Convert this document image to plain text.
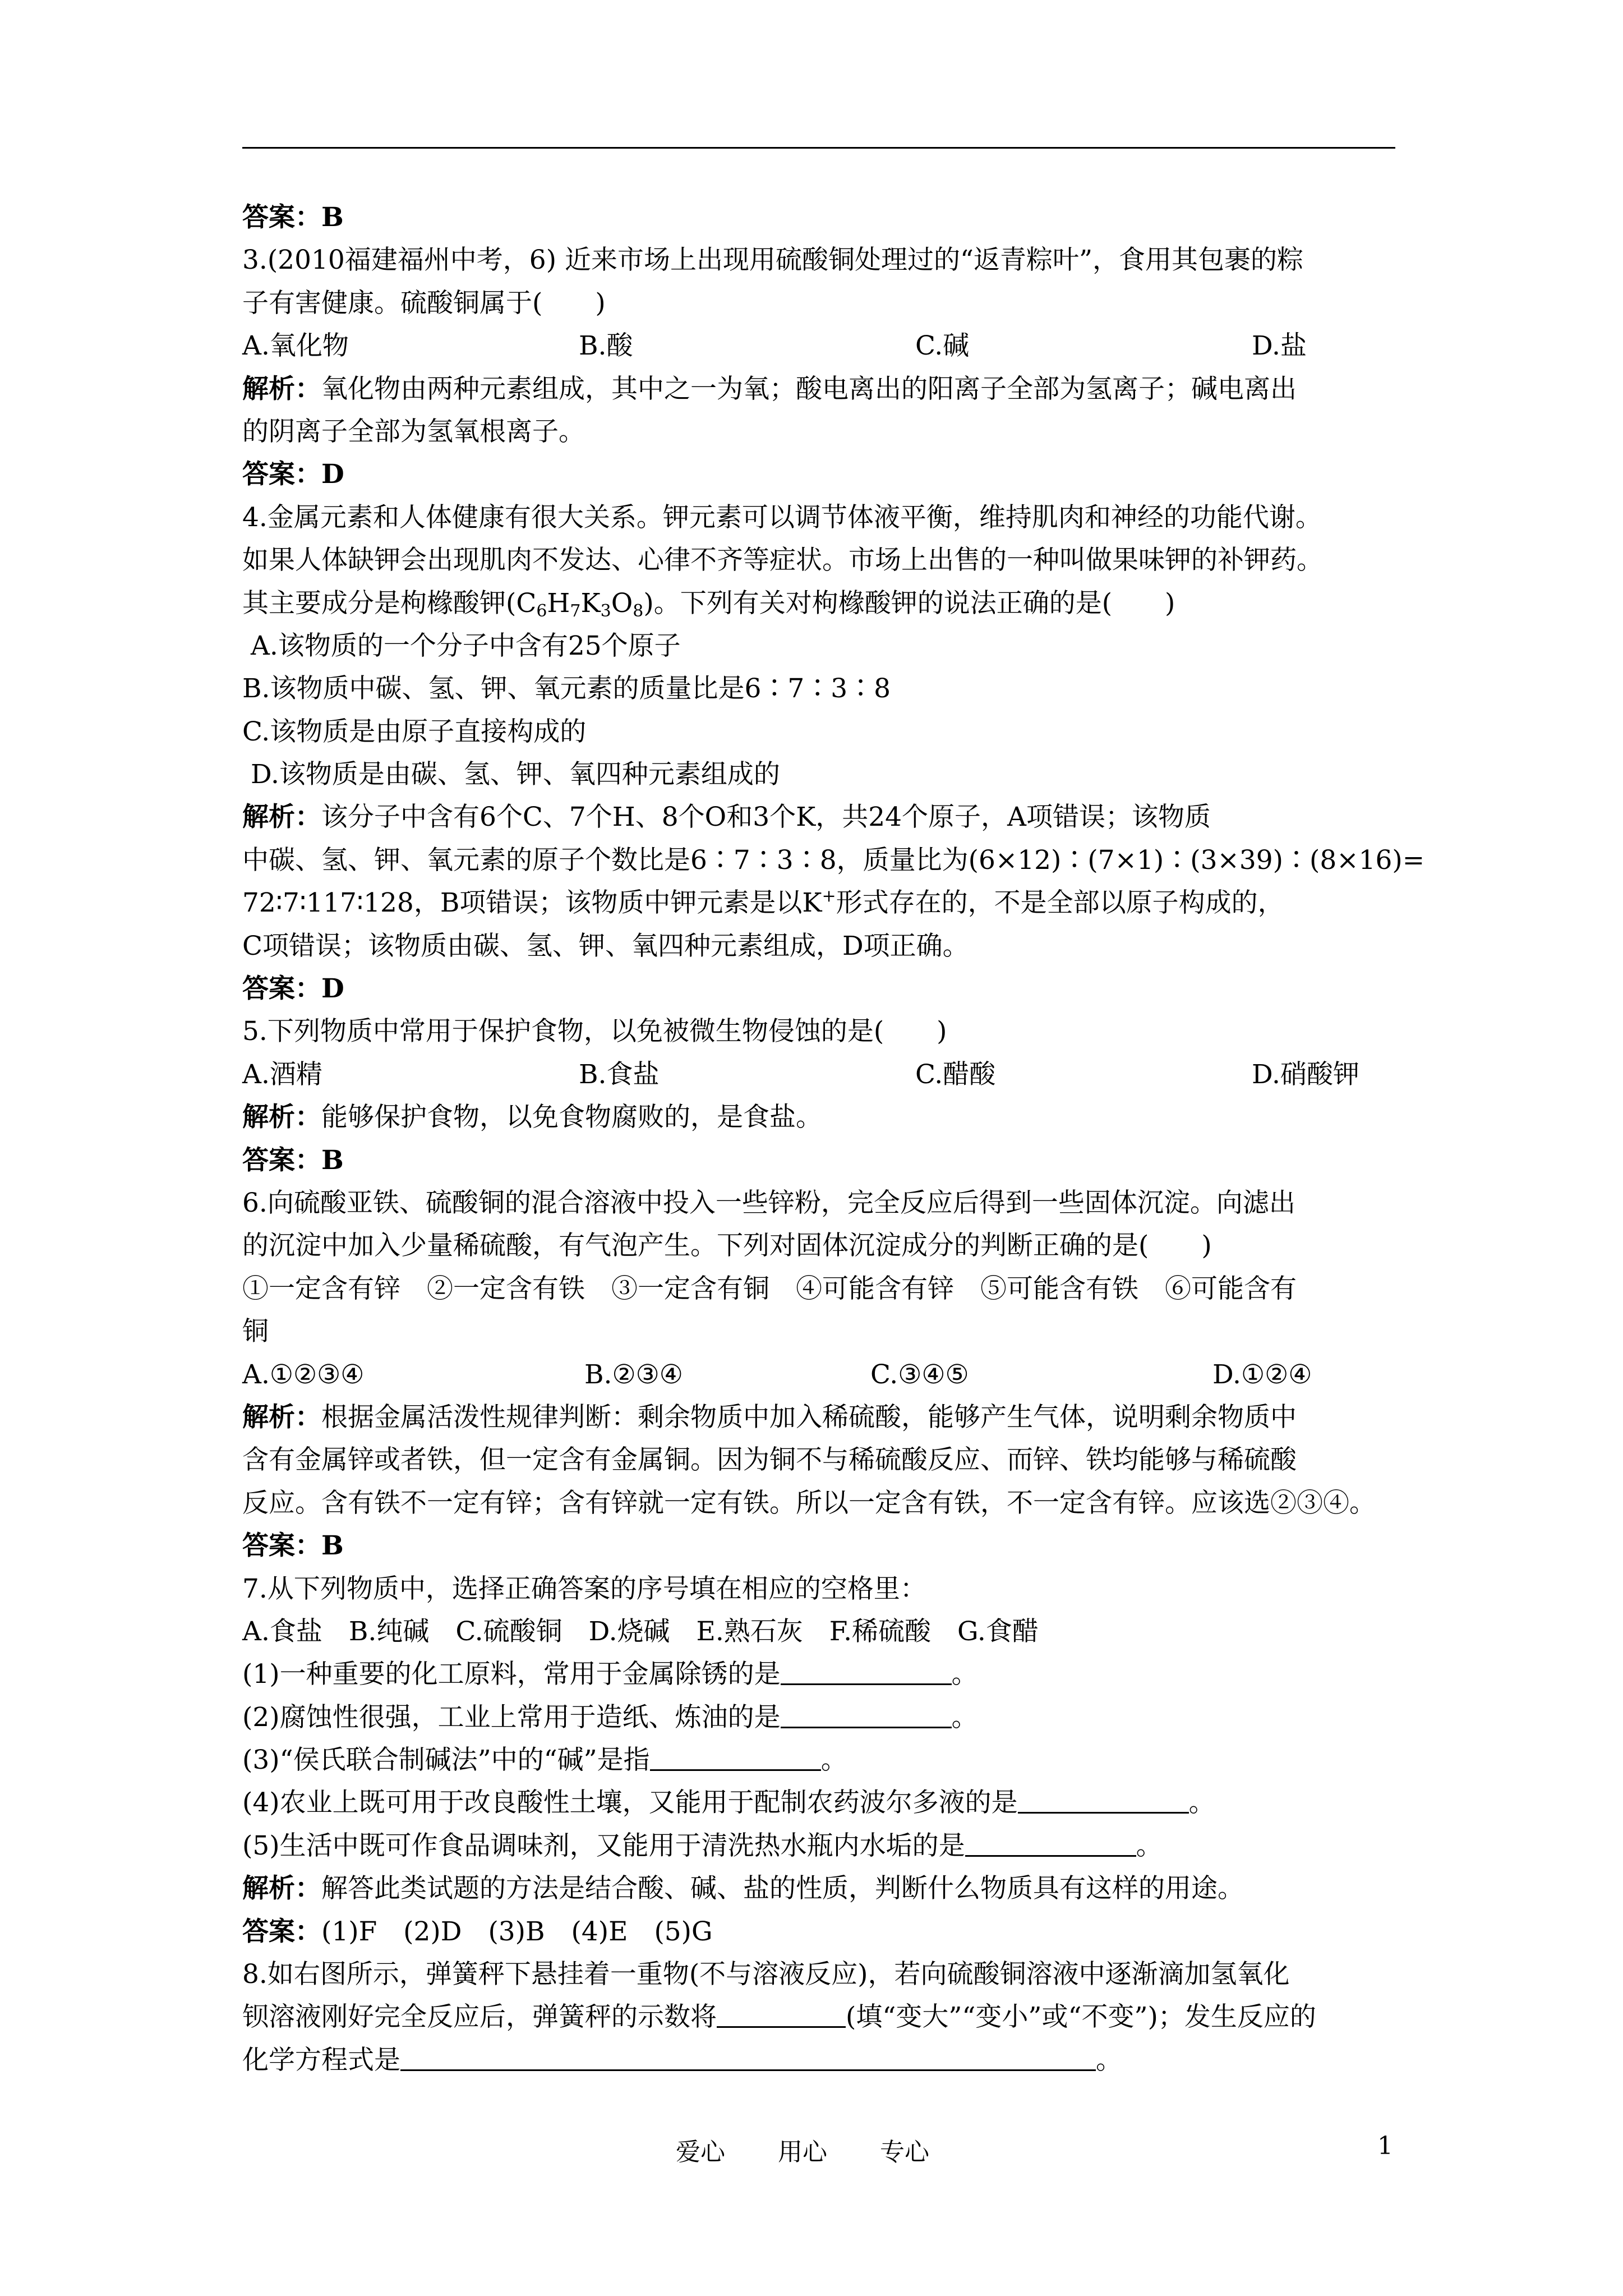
答案：B
3.(2010福建福州中考，6) 近来市场上出现用硫酸铜处理过的“返青粽叶”，食用其包裹的粽
子有害健康。硫酸铜属于(　　)
A.氧化物	B.酸	C.碱	D.盐
解析：氧化物由两种元素组成，其中之一为氧；酸电离出的阳离子全部为氢离子；碱电离出
的阴离子全部为氢氧根离子。
答案：D
4.金属元素和人体健康有很大关系。钾元素可以调节体液平衡，维持肌肉和神经的功能代谢。
如果人体缺钾会出现肌肉不发达、心律不齐等症状。市场上出售的一种叫做果味钾的补钾药。
其主要成分是枸橼酸钾$(C_6H_7K_3O_8)$。下列有关对枸橼酸钾的说法正确的是(　　)
A.该物质的一个分子中含有25个原子
B.该物质中碳、氢、钾、氧元素的质量比是6∶7∶3∶8
C.该物质是由原子直接构成的
D.该物质是由碳、氢、钾、氧四种元素组成的
解析：该分子中含有6个C、7个H、8个O和3个K，共24个原子，A项错误；该物质
中碳、氢、钾、氧元素的原子个数比是6∶7∶3∶8，质量比为(6×12)∶(7×1)∶(3×39)∶(8×16)=
72∶7∶117∶128，B项错误；该物质中钾元素是以K+形式存在的，不是全部以原子构成的，
C项错误；该物质由碳、氢、钾、氧四种元素组成，D项正确。
答案：D
5.下列物质中常用于保护食物，以免被微生物侵蚀的是(　　)
A.酒精	B.食盐	C.醋酸	D.硝酸钾
解析：能够保护食物，以免食物腐败的，是食盐。
答案：B
6.向硫酸亚铁、硫酸铜的混合溶液中投入一些锌粉，完全反应后得到一些固体沉淀。向滤出
的沉淀中加入少量稀硫酸，有气泡产生。下列对固体沉淀成分的判断正确的是(　　)
①一定含有锌　②一定含有铁　③一定含有铜　④可能含有锌　⑤可能含有铁　⑥可能含有
铜
A.①②③④	B.②③④	C.③④⑤	D.①②④
解析：根据金属活泼性规律判断：剩余物质中加入稀硫酸，能够产生气体，说明剩余物质中
含有金属锌或者铁，但一定含有金属铜。因为铜不与稀硫酸反应、而锌、铁均能够与稀硫酸
反应。含有铁不一定有锌；含有锌就一定有铁。所以一定含有铁，不一定含有锌。应该选②③④。
答案：B
7.从下列物质中，选择正确答案的序号填在相应的空格里：
A.食盐　B.纯碱　C.硫酸铜　D.烧碱　E.熟石灰　F.稀硫酸　G.食醋
(1)一种重要的化工原料，常用于金属除锈的是	。
(2)腐蚀性很强，工业上常用于造纸、炼油的是	。
(3)“侯氏联合制碱法”中的“碱”是指	。
(4)农业上既可用于改良酸性土壤，又能用于配制农药波尔多液的是	。
(5)生活中既可作食品调味剂，又能用于清洗热水瓶内水垢的是	。
解析：解答此类试题的方法是结合酸、碱、盐的性质，判断什么物质具有这样的用途。
答案：(1)F　(2)D　(3)B　(4)E　(5)G
8.如右图所示，弹簧秤下悬挂着一重物(不与溶液反应)，若向硫酸铜溶液中逐渐滴加氢氧化
钡溶液刚好完全反应后，弹簧秤的示数将	(填“变大”“变小”或“不变”)；发生反应的
化学方程式是	。
爱心 用心 专心	1
